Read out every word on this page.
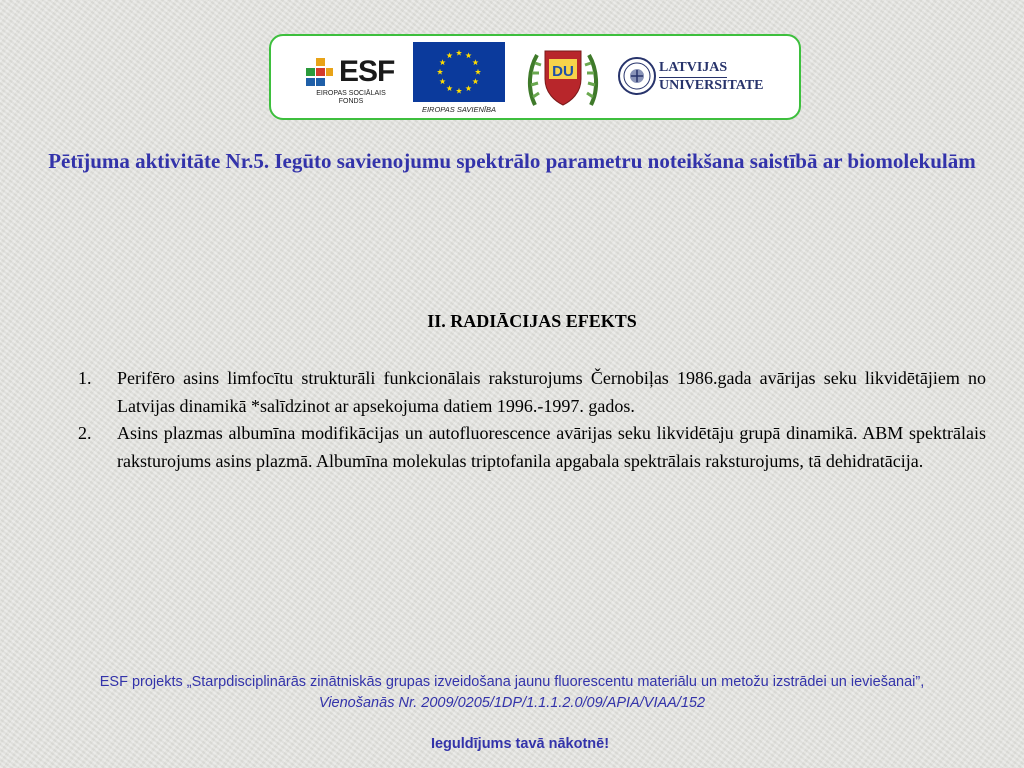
ESF
EIROPAS SOCIĀLAIS
FONDS
EIROPAS SAVIENĪBA
DU	LATVIJAS
UNIVERSITATE
Pētījuma aktivitāte Nr.5. Iegūto savienojumu spektrālo parametru noteikšana saistībā ar biomolekulām
II. RADIĀCIJAS EFEKTS
1. Perifēro asins limfocītu strukturāli funkcionālais raksturojums Černobiļas 1986.gada avārijas seku likvidētājiem no Latvijas dinamikā *salīdzinot ar apsekojuma datiem 1996.-1997. gados.
2. Asins plazmas albumīna modifikācijas un autofluorescence avārijas seku likvidētāju grupā dinamikā. ABM spektrālais raksturojums asins plazmā. Albumīna molekulas triptofanila apgabala spektrālais raksturojums, tā dehidratācija.
ESF projekts „Starpdisciplinārās zinātniskās grupas izveidošana jaunu fluorescentu materiālu un metožu izstrādei un ieviešanai”,
Vienošanās Nr. 2009/0205/1DP/1.1.1.2.0/09/APIA/VIAA/152
Ieguldījums tavā nākotnē!
